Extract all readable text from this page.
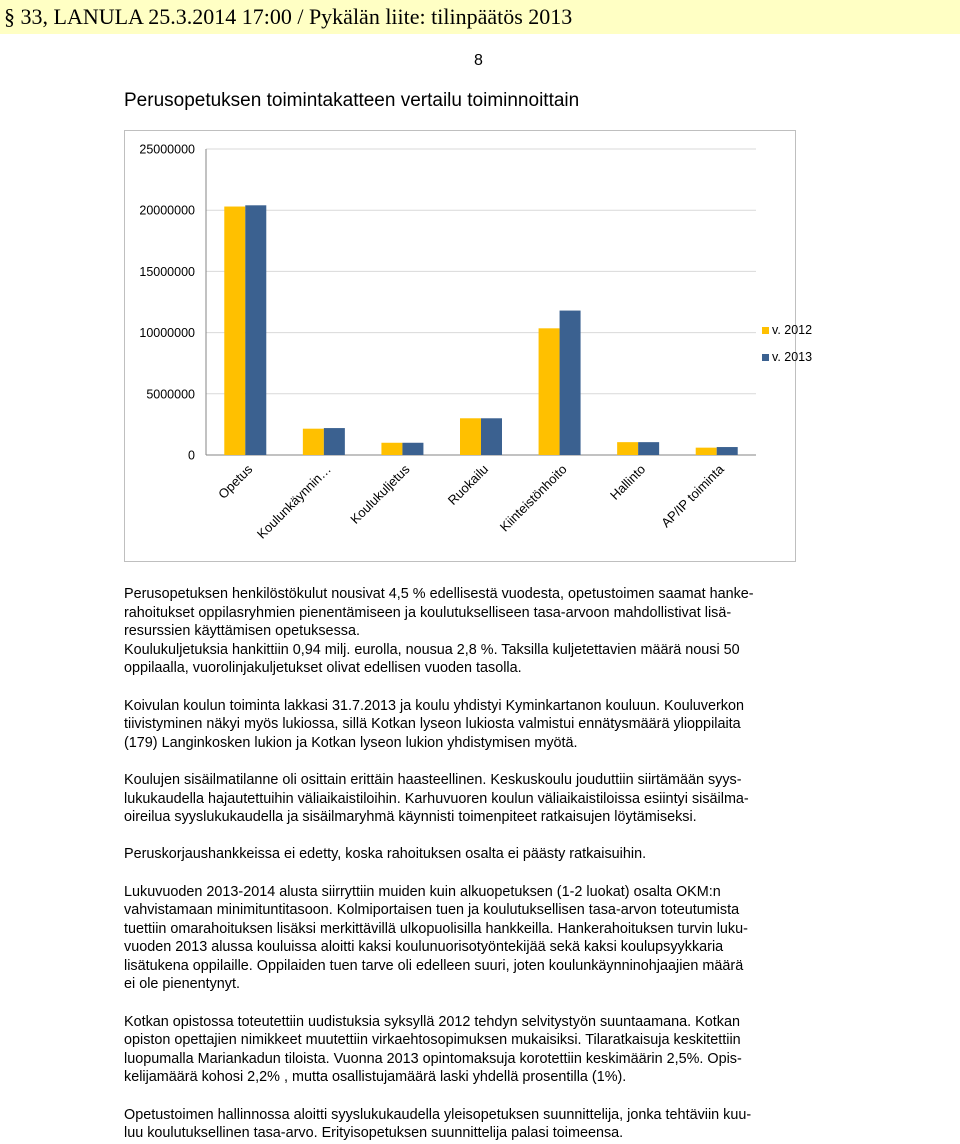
§ 33, LANULA 25.3.2014 17:00 / Pykälän liite: tilinpäätös 2013
8
Perusopetuksen toimintakatteen vertailu toiminnoittain
0
5000000
10000000
15000000
20000000
25000000
Opetus
Koulunkäynnin… Koulukuljetus Ruokailu Kiinteistönhoito	Hallinto AP/IP toiminta
v. 2012
v. 2013

Perusopetuksen henkilöstökulut nousivat 4,5 % edellisestä vuodesta, opetustoimen saamat hanke-

rahoitukset oppilasryhmien pienentämiseen ja koulutukselliseen tasa-arvoon mahdollistivat lisä-

resurssien käyttämisen opetuksessa.

Koulukuljetuksia hankittiin 0,94 milj. eurolla, nousua 2,8 %. Taksilla kuljetettavien määrä nousi 50

oppilaalla, vuorolinjakuljetukset olivat edellisen vuoden tasolla.

Koivulan koulun toiminta lakkasi 31.7.2013 ja koulu yhdistyi Kyminkartanon kouluun. Kouluverkon

tiivistyminen näkyi myös lukiossa, sillä Kotkan lyseon lukiosta valmistui ennätysmäärä ylioppilaita

(179) Langinkosken lukion ja Kotkan lyseon lukion yhdistymisen myötä.

Koulujen sisäilmatilanne oli osittain erittäin haasteellinen. Keskuskoulu jouduttiin siirtämään syys-

lukukaudella hajautettuihin väliaikaistiloihin. Karhuvuoren koulun väliaikaistiloissa esiintyi sisäilma-

oireilua syyslukukaudella ja sisäilmaryhmä käynnisti toimenpiteet ratkaisujen löytämiseksi.

Peruskorjaushankkeissa ei edetty, koska rahoituksen osalta ei päästy ratkaisuihin.

Lukuvuoden 2013-2014 alusta siirryttiin muiden kuin alkuopetuksen (1-2 luokat) osalta OKM:n

vahvistamaan minimituntitasoon. Kolmiportaisen tuen ja koulutuksellisen tasa-arvon toteutumista

tuettiin omarahoituksen lisäksi merkittävillä ulkopuolisilla hankkeilla. Hankerahoituksen turvin luku-

vuoden 2013 alussa kouluissa aloitti kaksi koulunuorisotyöntekijää sekä kaksi koulupsyykkaria

lisätukena oppilaille. Oppilaiden tuen tarve oli edelleen suuri, joten koulunkäynninohjaajien määrä

ei ole pienentynyt.

Kotkan opistossa toteutettiin uudistuksia syksyllä 2012 tehdyn selvitystyön suuntaamana. Kotkan

opiston opettajien nimikkeet muutettiin virkaehtosopimuksen mukaisiksi. Tilaratkaisuja keskitettiin

luopumalla Mariankadun tiloista. Vuonna 2013 opintomaksuja korotettiin keskimäärin 2,5%. Opis-

kelijamäärä kohosi 2,2% , mutta osallistujamäärä laski yhdellä prosentilla (1%).

Opetustoimen hallinnossa aloitti syyslukukaudella yleisopetuksen suunnittelija, jonka tehtäviin kuu-

luu koulutuksellinen tasa-arvo. Erityisopetuksen suunnittelija palasi toimeensa.
